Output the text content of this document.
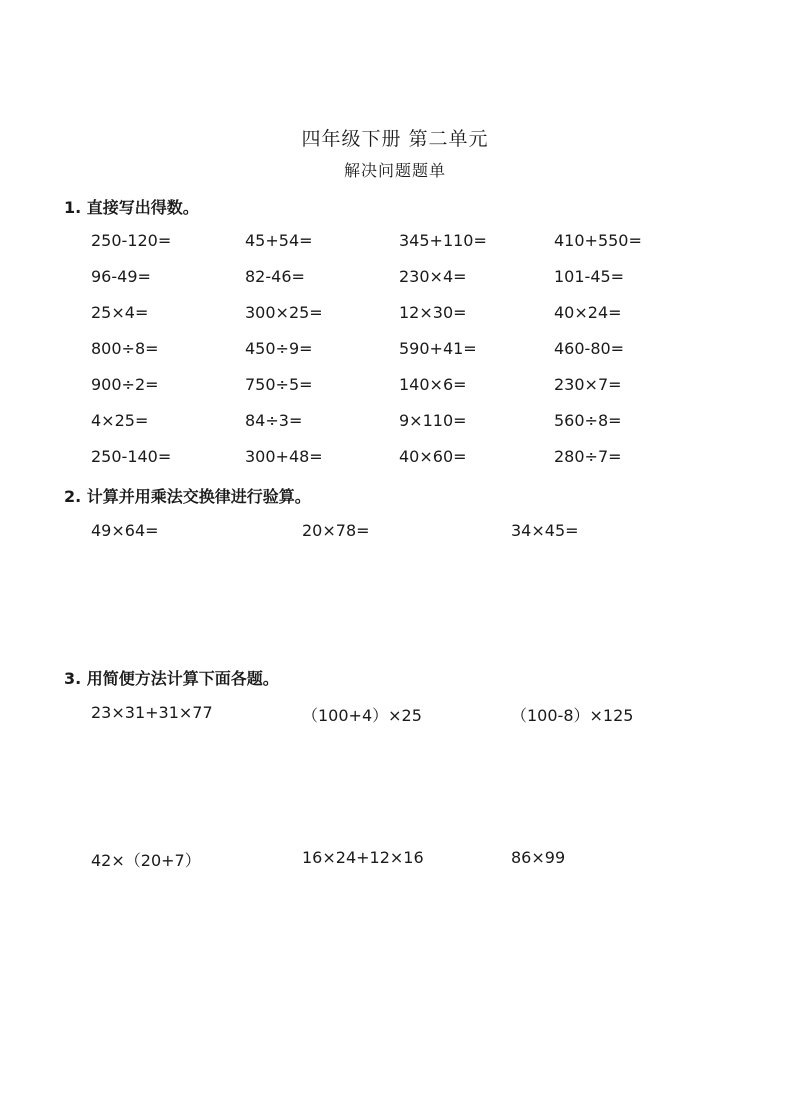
四年级下册 第二单元
解决问题题单
1. 直接写出得数。
250-120=	45+54=	345+110=	410+550=
96-49=	82-46=	230×4=	101-45=
25×4=	300×25=	12×30=	40×24=
800÷8=	450÷9=	590+41=	460-80=
900÷2=	750÷5=	140×6=	230×7=
4×25=	84÷3=	9×110=	560÷8=
250-140=	300+48=	40×60=	280÷7=
2. 计算并用乘法交换律进行验算。
49×64=	20×78=	34×45=
3. 用简便方法计算下面各题。
23×31+31×77	（100+4）×25	（100-8）×125
42×（20+7）	16×24+12×16	86×99
